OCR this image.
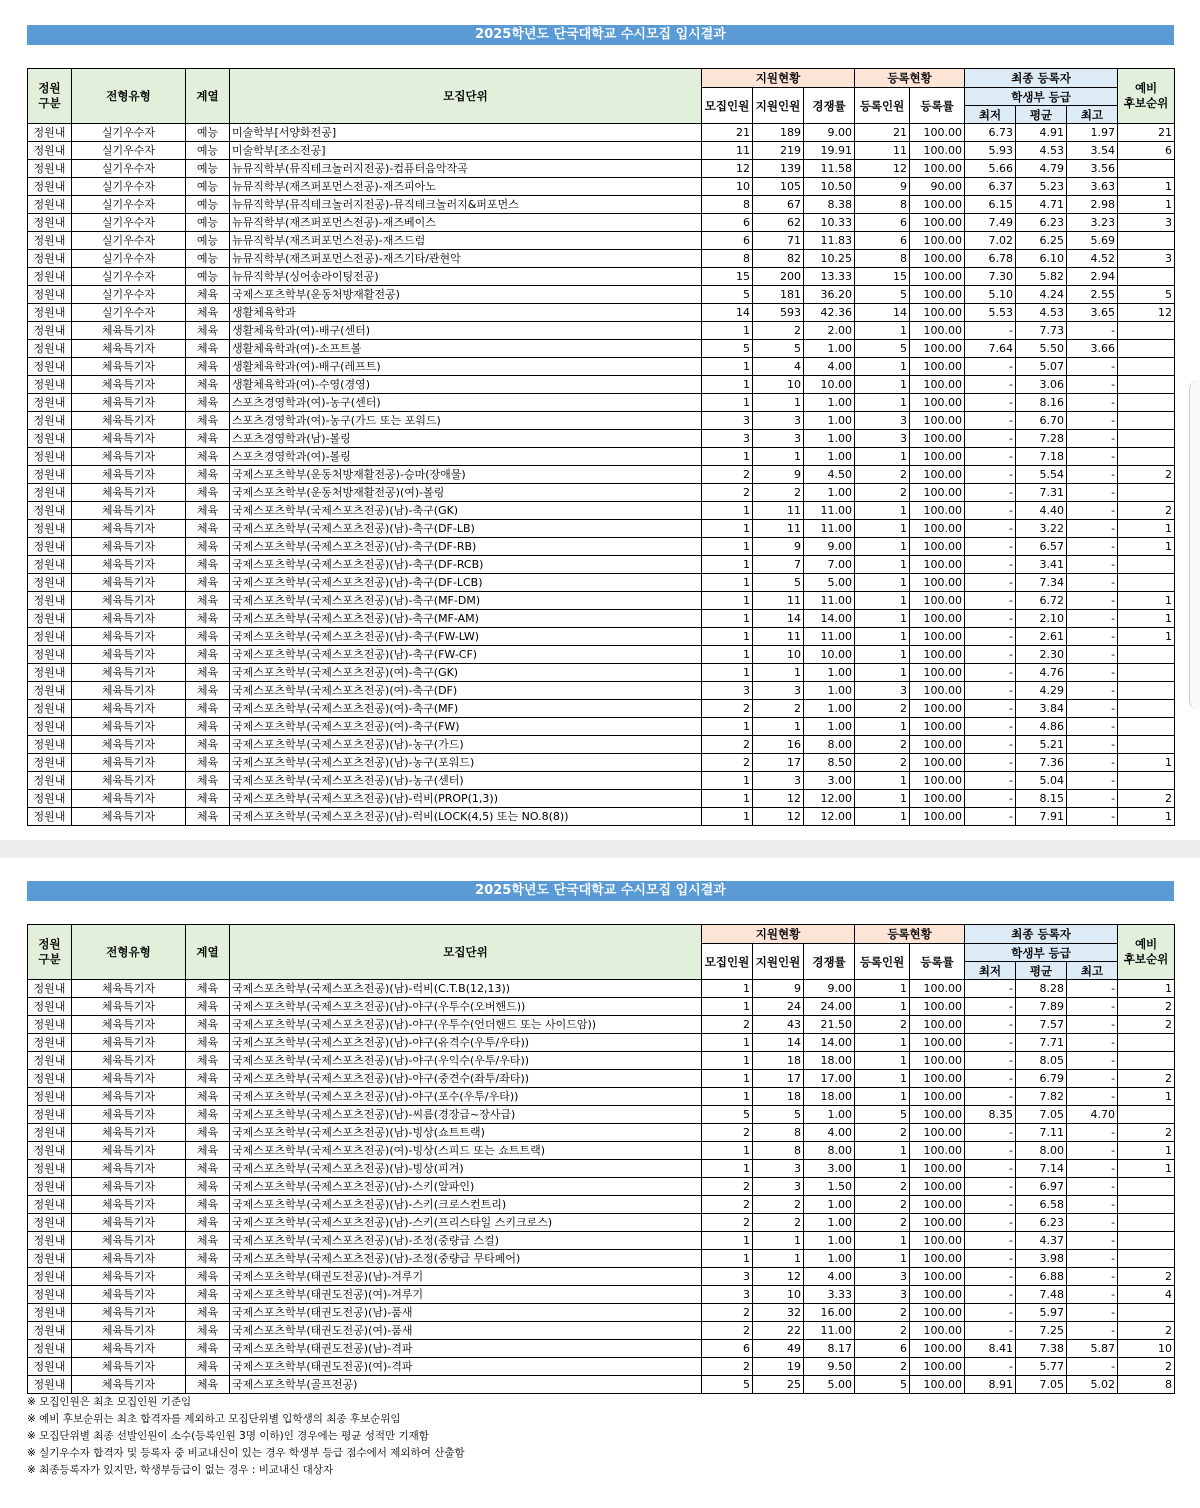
2025학년도 단국대학교 수시모집 입시결과
정원
구분	전형유형	계열	모집단위	지원현황			등록현황		최종 등록자			예비
후보순위
				모집인원	지원인원	경쟁률	등록인원	등록률	학생부 등급			
									최저	평균	최고	
정원내	실기우수자	예능	미술학부[서양화전공]	21	189	9.00	21	100.00	6.73	4.91	1.97	21
정원내	실기우수자	예능	미술학부[조소전공]	11	219	19.91	11	100.00	5.93	4.53	3.54	6
정원내	실기우수자	예능	뉴뮤직학부(뮤직테크놀러지전공)-컴퓨터음악작곡	12	139	11.58	12	100.00	5.66	4.79	3.56	
정원내	실기우수자	예능	뉴뮤직학부(재즈퍼포먼스전공)-재즈피아노	10	105	10.50	9	90.00	6.37	5.23	3.63	1
정원내	실기우수자	예능	뉴뮤직학부(뮤직테크놀러지전공)-뮤직테크놀러지&퍼포먼스	8	67	8.38	8	100.00	6.15	4.71	2.98	1
정원내	실기우수자	예능	뉴뮤직학부(재즈퍼포먼스전공)-재즈베이스	6	62	10.33	6	100.00	7.49	6.23	3.23	3
정원내	실기우수자	예능	뉴뮤직학부(재즈퍼포먼스전공)-재즈드럼	6	71	11.83	6	100.00	7.02	6.25	5.69	
정원내	실기우수자	예능	뉴뮤직학부(재즈퍼포먼스전공)-재즈기타/관현악	8	82	10.25	8	100.00	6.78	6.10	4.52	3
정원내	실기우수자	예능	뉴뮤직학부(싱어송라이팅전공)	15	200	13.33	15	100.00	7.30	5.82	2.94	
정원내	실기우수자	체육	국제스포츠학부(운동처방재활전공)	5	181	36.20	5	100.00	5.10	4.24	2.55	5
정원내	실기우수자	체육	생활체육학과	14	593	42.36	14	100.00	5.53	4.53	3.65	12
정원내	체육특기자	체육	생활체육학과(여)-배구(센터)	1	2	2.00	1	100.00	-	7.73	-	
정원내	체육특기자	체육	생활체육학과(여)-소프트볼	5	5	1.00	5	100.00	7.64	5.50	3.66	
정원내	체육특기자	체육	생활체육학과(여)-배구(레프트)	1	4	4.00	1	100.00	-	5.07	-	
정원내	체육특기자	체육	생활체육학과(여)-수영(경영)	1	10	10.00	1	100.00	-	3.06	-	
정원내	체육특기자	체육	스포츠경영학과(여)-농구(센터)	1	1	1.00	1	100.00	-	8.16	-	
정원내	체육특기자	체육	스포츠경영학과(여)-농구(가드 또는 포워드)	3	3	1.00	3	100.00	-	6.70	-	
정원내	체육특기자	체육	스포츠경영학과(남)-볼링	3	3	1.00	3	100.00	-	7.28	-	
정원내	체육특기자	체육	스포츠경영학과(여)-볼링	1	1	1.00	1	100.00	-	7.18	-	
정원내	체육특기자	체육	국제스포츠학부(운동처방재활전공)-승마(장애물)	2	9	4.50	2	100.00	-	5.54	-	2
정원내	체육특기자	체육	국제스포츠학부(운동처방재활전공)(여)-볼링	2	2	1.00	2	100.00	-	7.31	-	
정원내	체육특기자	체육	국제스포츠학부(국제스포츠전공)(남)-축구(GK)	1	11	11.00	1	100.00	-	4.40	-	2
정원내	체육특기자	체육	국제스포츠학부(국제스포츠전공)(남)-축구(DF-LB)	1	11	11.00	1	100.00	-	3.22	-	1
정원내	체육특기자	체육	국제스포츠학부(국제스포츠전공)(남)-축구(DF-RB)	1	9	9.00	1	100.00	-	6.57	-	1
정원내	체육특기자	체육	국제스포츠학부(국제스포츠전공)(남)-축구(DF-RCB)	1	7	7.00	1	100.00	-	3.41	-	
정원내	체육특기자	체육	국제스포츠학부(국제스포츠전공)(남)-축구(DF-LCB)	1	5	5.00	1	100.00	-	7.34	-	
정원내	체육특기자	체육	국제스포츠학부(국제스포츠전공)(남)-축구(MF-DM)	1	11	11.00	1	100.00	-	6.72	-	1
정원내	체육특기자	체육	국제스포츠학부(국제스포츠전공)(남)-축구(MF-AM)	1	14	14.00	1	100.00	-	2.10	-	1
정원내	체육특기자	체육	국제스포츠학부(국제스포츠전공)(남)-축구(FW-LW)	1	11	11.00	1	100.00	-	2.61	-	1
정원내	체육특기자	체육	국제스포츠학부(국제스포츠전공)(남)-축구(FW-CF)	1	10	10.00	1	100.00	-	2.30	-	
정원내	체육특기자	체육	국제스포츠학부(국제스포츠전공)(여)-축구(GK)	1	1	1.00	1	100.00	-	4.76	-	
정원내	체육특기자	체육	국제스포츠학부(국제스포츠전공)(여)-축구(DF)	3	3	1.00	3	100.00	-	4.29	-	
정원내	체육특기자	체육	국제스포츠학부(국제스포츠전공)(여)-축구(MF)	2	2	1.00	2	100.00	-	3.84	-	
정원내	체육특기자	체육	국제스포츠학부(국제스포츠전공)(여)-축구(FW)	1	1	1.00	1	100.00	-	4.86	-	
정원내	체육특기자	체육	국제스포츠학부(국제스포츠전공)(남)-농구(가드)	2	16	8.00	2	100.00	-	5.21	-	
정원내	체육특기자	체육	국제스포츠학부(국제스포츠전공)(남)-농구(포워드)	2	17	8.50	2	100.00	-	7.36	-	1
정원내	체육특기자	체육	국제스포츠학부(국제스포츠전공)(남)-농구(센터)	1	3	3.00	1	100.00	-	5.04	-	
정원내	체육특기자	체육	국제스포츠학부(국제스포츠전공)(남)-럭비(PROP(1,3))	1	12	12.00	1	100.00	-	8.15	-	2
정원내	체육특기자	체육	국제스포츠학부(국제스포츠전공)(남)-럭비(LOCK(4,5) 또는 NO.8(8))	1	12	12.00	1	100.00	-	7.91	-	1
2025학년도 단국대학교 수시모집 입시결과
정원
구분	전형유형	계열	모집단위	지원현황			등록현황		최종 등록자			예비
후보순위
				모집인원	지원인원	경쟁률	등록인원	등록률	학생부 등급			
									최저	평균	최고	
정원내	체육특기자	체육	국제스포츠학부(국제스포츠전공)(남)-럭비(C.T.B(12,13))	1	9	9.00	1	100.00	-	8.28	-	1
정원내	체육특기자	체육	국제스포츠학부(국제스포츠전공)(남)-야구(우투수(오버핸드))	1	24	24.00	1	100.00	-	7.89	-	2
정원내	체육특기자	체육	국제스포츠학부(국제스포츠전공)(남)-야구(우투수(언더핸드 또는 사이드암))	2	43	21.50	2	100.00	-	7.57	-	2
정원내	체육특기자	체육	국제스포츠학부(국제스포츠전공)(남)-야구(유격수(우투/우타))	1	14	14.00	1	100.00	-	7.71	-	
정원내	체육특기자	체육	국제스포츠학부(국제스포츠전공)(남)-야구(우익수(우투/우타))	1	18	18.00	1	100.00	-	8.05	-	
정원내	체육특기자	체육	국제스포츠학부(국제스포츠전공)(남)-야구(중견수(좌투/좌타))	1	17	17.00	1	100.00	-	6.79	-	2
정원내	체육특기자	체육	국제스포츠학부(국제스포츠전공)(남)-야구(포수(우투/우타))	1	18	18.00	1	100.00	-	7.82	-	1
정원내	체육특기자	체육	국제스포츠학부(국제스포츠전공)(남)-씨름(경장급~장사급)	5	5	1.00	5	100.00	8.35	7.05	4.70	
정원내	체육특기자	체육	국제스포츠학부(국제스포츠전공)(남)-빙상(쇼트트랙)	2	8	4.00	2	100.00	-	7.11	-	2
정원내	체육특기자	체육	국제스포츠학부(국제스포츠전공)(여)-빙상(스피드 또는 쇼트트랙)	1	8	8.00	1	100.00	-	8.00	-	1
정원내	체육특기자	체육	국제스포츠학부(국제스포츠전공)(남)-빙상(피겨)	1	3	3.00	1	100.00	-	7.14	-	1
정원내	체육특기자	체육	국제스포츠학부(국제스포츠전공)(남)-스키(알파인)	2	3	1.50	2	100.00	-	6.97	-	
정원내	체육특기자	체육	국제스포츠학부(국제스포츠전공)(남)-스키(크로스컨트리)	2	2	1.00	2	100.00	-	6.58	-	
정원내	체육특기자	체육	국제스포츠학부(국제스포츠전공)(남)-스키(프리스타일 스키크로스)	2	2	1.00	2	100.00	-	6.23	-	
정원내	체육특기자	체육	국제스포츠학부(국제스포츠전공)(남)-조정(중량급 스컬)	1	1	1.00	1	100.00	-	4.37	-	
정원내	체육특기자	체육	국제스포츠학부(국제스포츠전공)(남)-조정(중량급 무타페어)	1	1	1.00	1	100.00	-	3.98	-	
정원내	체육특기자	체육	국제스포츠학부(태권도전공)(남)-겨루기	3	12	4.00	3	100.00	-	6.88	-	2
정원내	체육특기자	체육	국제스포츠학부(태권도전공)(여)-겨루기	3	10	3.33	3	100.00	-	7.48	-	4
정원내	체육특기자	체육	국제스포츠학부(태권도전공)(남)-품새	2	32	16.00	2	100.00	-	5.97	-	
정원내	체육특기자	체육	국제스포츠학부(태권도전공)(여)-품새	2	22	11.00	2	100.00	-	7.25	-	2
정원내	체육특기자	체육	국제스포츠학부(태권도전공)(남)-격파	6	49	8.17	6	100.00	8.41	7.38	5.87	10
정원내	체육특기자	체육	국제스포츠학부(태권도전공)(여)-격파	2	19	9.50	2	100.00	-	5.77	-	2
정원내	체육특기자	체육	국제스포츠학부(골프전공)	5	25	5.00	5	100.00	8.91	7.05	5.02	8
※ 모집인원은 최초 모집인원 기준임
※ 예비 후보순위는 최초 합격자를 제외하고 모집단위별 입학생의 최종 후보순위임
※ 모집단위별 최종 선발인원이 소수(등록인원 3명 이하)인 경우에는 평균 성적만 기재함
※ 실기우수자 합격자 및 등록자 중 비교내신이 있는 경우 학생부 등급 점수에서 제외하여 산출함
※ 최종등록자가 있지만, 학생부등급이 없는 경우 : 비교내신 대상자
